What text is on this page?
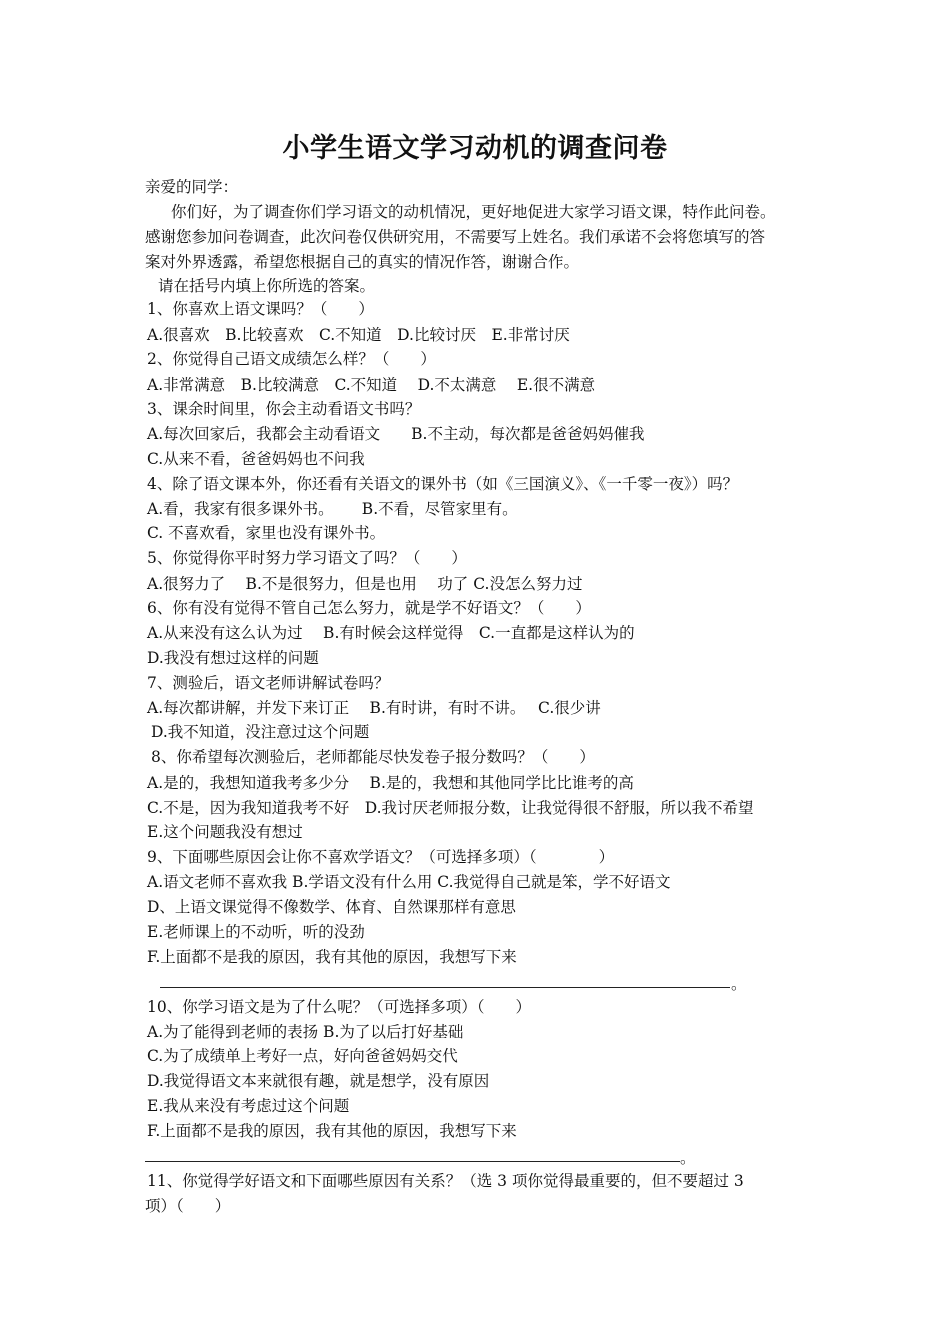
小学生语文学习动机的调查问卷
亲爱的同学：
你们好，为了调查你们学习语文的动机情况，更好地促进大家学习语文课，特作此问卷。
感谢您参加问卷调查，此次问卷仅供研究用，不需要写上姓名。我们承诺不会将您填写的答
案对外界透露，希望您根据自己的真实的情况作答，谢谢合作。
请在括号内填上你所选的答案。
1、你喜欢上语文课吗？（　　）
A.很喜欢　B.比较喜欢　C.不知道　D.比较讨厌　E.非常讨厌
2、你觉得自己语文成绩怎么样？（　　）
A.非常满意　B.比较满意　C.不知道　 D.不太满意　 E.很不满意
3、课余时间里，你会主动看语文书吗？
A.每次回家后，我都会主动看语文　　B.不主动，每次都是爸爸妈妈催我
C.从来不看，爸爸妈妈也不问我
4、除了语文课本外，你还看有关语文的课外书（如《三国演义》、《一千零一夜》）吗？
A.看，我家有很多课外书。　　 B.不看，尽管家里有。
C. 不喜欢看，家里也没有课外书。
5、你觉得你平时努力学习语文了吗？（　　）
A.很努力了　 B.不是很努力，但是也用　 功了 C.没怎么努力过
6、你有没有觉得不管自己怎么努力，就是学不好语文？（　　）
A.从来没有这么认为过　 B.有时候会这样觉得　C.一直都是这样认为的
D.我没有想过这样的问题
7、测验后，语文老师讲解试卷吗？
A.每次都讲解，并发下来订正　 B.有时讲，有时不讲。　 C.很少讲
D.我不知道，没注意过这个问题
8、你希望每次测验后，老师都能尽快发卷子报分数吗？（　　）
A.是的，我想知道我考多少分　 B.是的，我想和其他同学比比谁考的高
C.不是，因为我知道我考不好　D.我讨厌老师报分数，让我觉得很不舒服，所以我不希望
E.这个问题我没有想过
9、下面哪些原因会让你不喜欢学语文？（可选择多项）（　　　　）
A.语文老师不喜欢我 B.学语文没有什么用 C.我觉得自己就是笨，学不好语文
D、上语文课觉得不像数学、体育、自然课那样有意思
E.老师课上的不动听，听的没劲
F.上面都不是我的原因，我有其他的原因，我想写下来
。
10、你学习语文是为了什么呢？（可选择多项）（　　）
A.为了能得到老师的表扬 B.为了以后打好基础
C.为了成绩单上考好一点，好向爸爸妈妈交代
D.我觉得语文本来就很有趣，就是想学，没有原因
E.我从来没有考虑过这个问题
F.上面都不是我的原因，我有其他的原因，我想写下来
。
11、你觉得学好语文和下面哪些原因有关系？（选 3 项你觉得最重要的，但不要超过 3
项）（　　）
